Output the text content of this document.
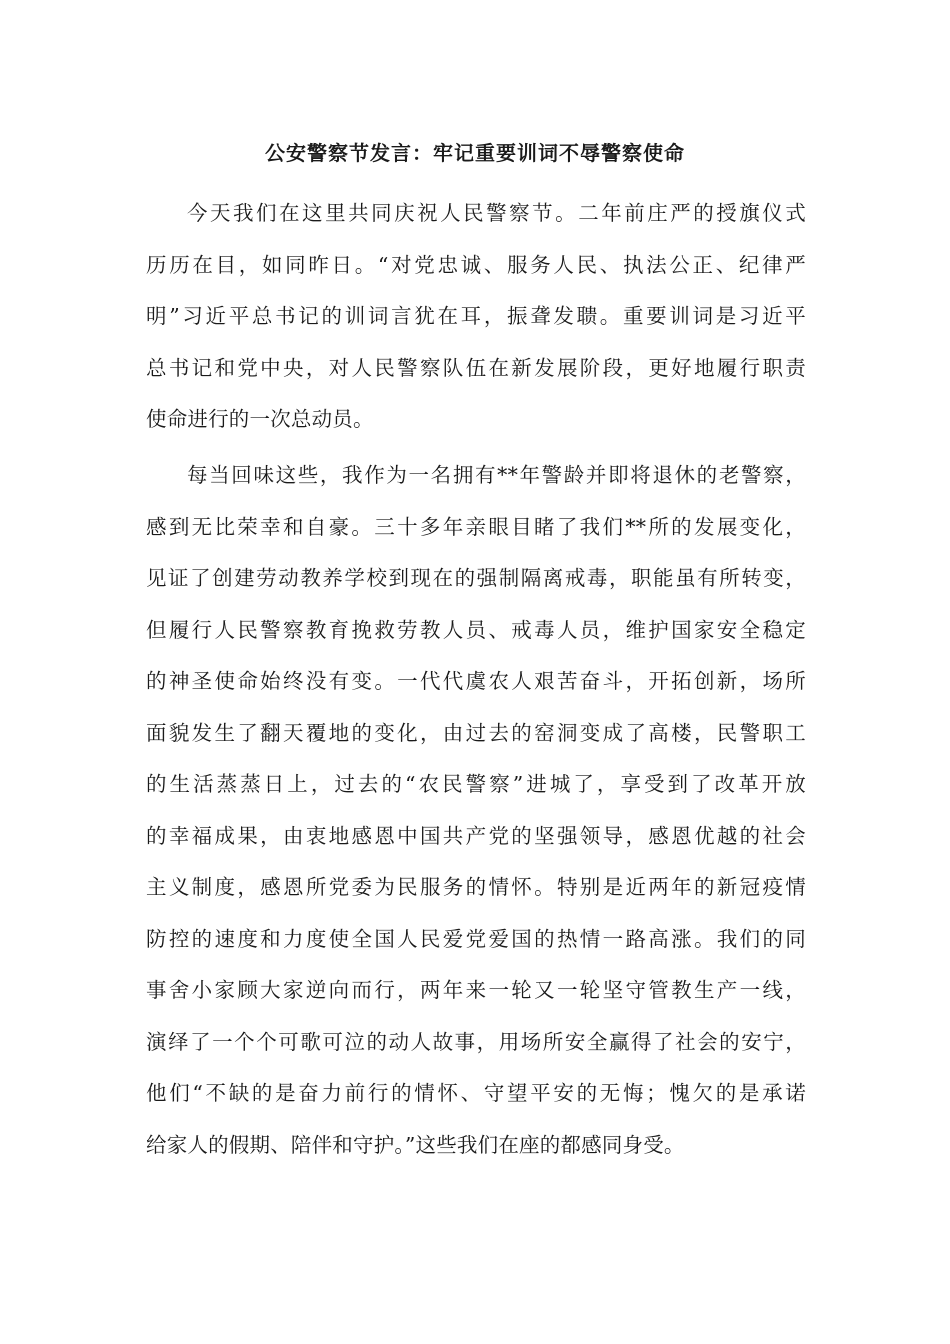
公安警察节发言：牢记重要训词不辱警察使命
今天我们在这里共同庆祝人民警察节。二年前庄严的授旗仪式
历历在目，如同昨日。“对党忠诚、服务人民、执法公正、纪律严
明”习近平总书记的训词言犹在耳，振聋发聩。重要训词是习近平
总书记和党中央，对人民警察队伍在新发展阶段，更好地履行职责
使命进行的一次总动员。
每当回味这些，我作为一名拥有**年警龄并即将退休的老警察，
感到无比荣幸和自豪。三十多年亲眼目睹了我们**所的发展变化，
见证了创建劳动教养学校到现在的强制隔离戒毒，职能虽有所转变，
但履行人民警察教育挽救劳教人员、戒毒人员，维护国家安全稳定
的神圣使命始终没有变。一代代虞农人艰苦奋斗，开拓创新，场所
面貌发生了翻天覆地的变化，由过去的窑洞变成了高楼，民警职工
的生活蒸蒸日上，过去的“农民警察”进城了，享受到了改革开放
的幸福成果，由衷地感恩中国共产党的坚强领导，感恩优越的社会
主义制度，感恩所党委为民服务的情怀。特别是近两年的新冠疫情
防控的速度和力度使全国人民爱党爱国的热情一路高涨。我们的同
事舍小家顾大家逆向而行，两年来一轮又一轮坚守管教生产一线，
演绎了一个个可歌可泣的动人故事，用场所安全赢得了社会的安宁，
他们“不缺的是奋力前行的情怀、守望平安的无悔；愧欠的是承诺
给家人的假期、陪伴和守护。”这些我们在座的都感同身受。
